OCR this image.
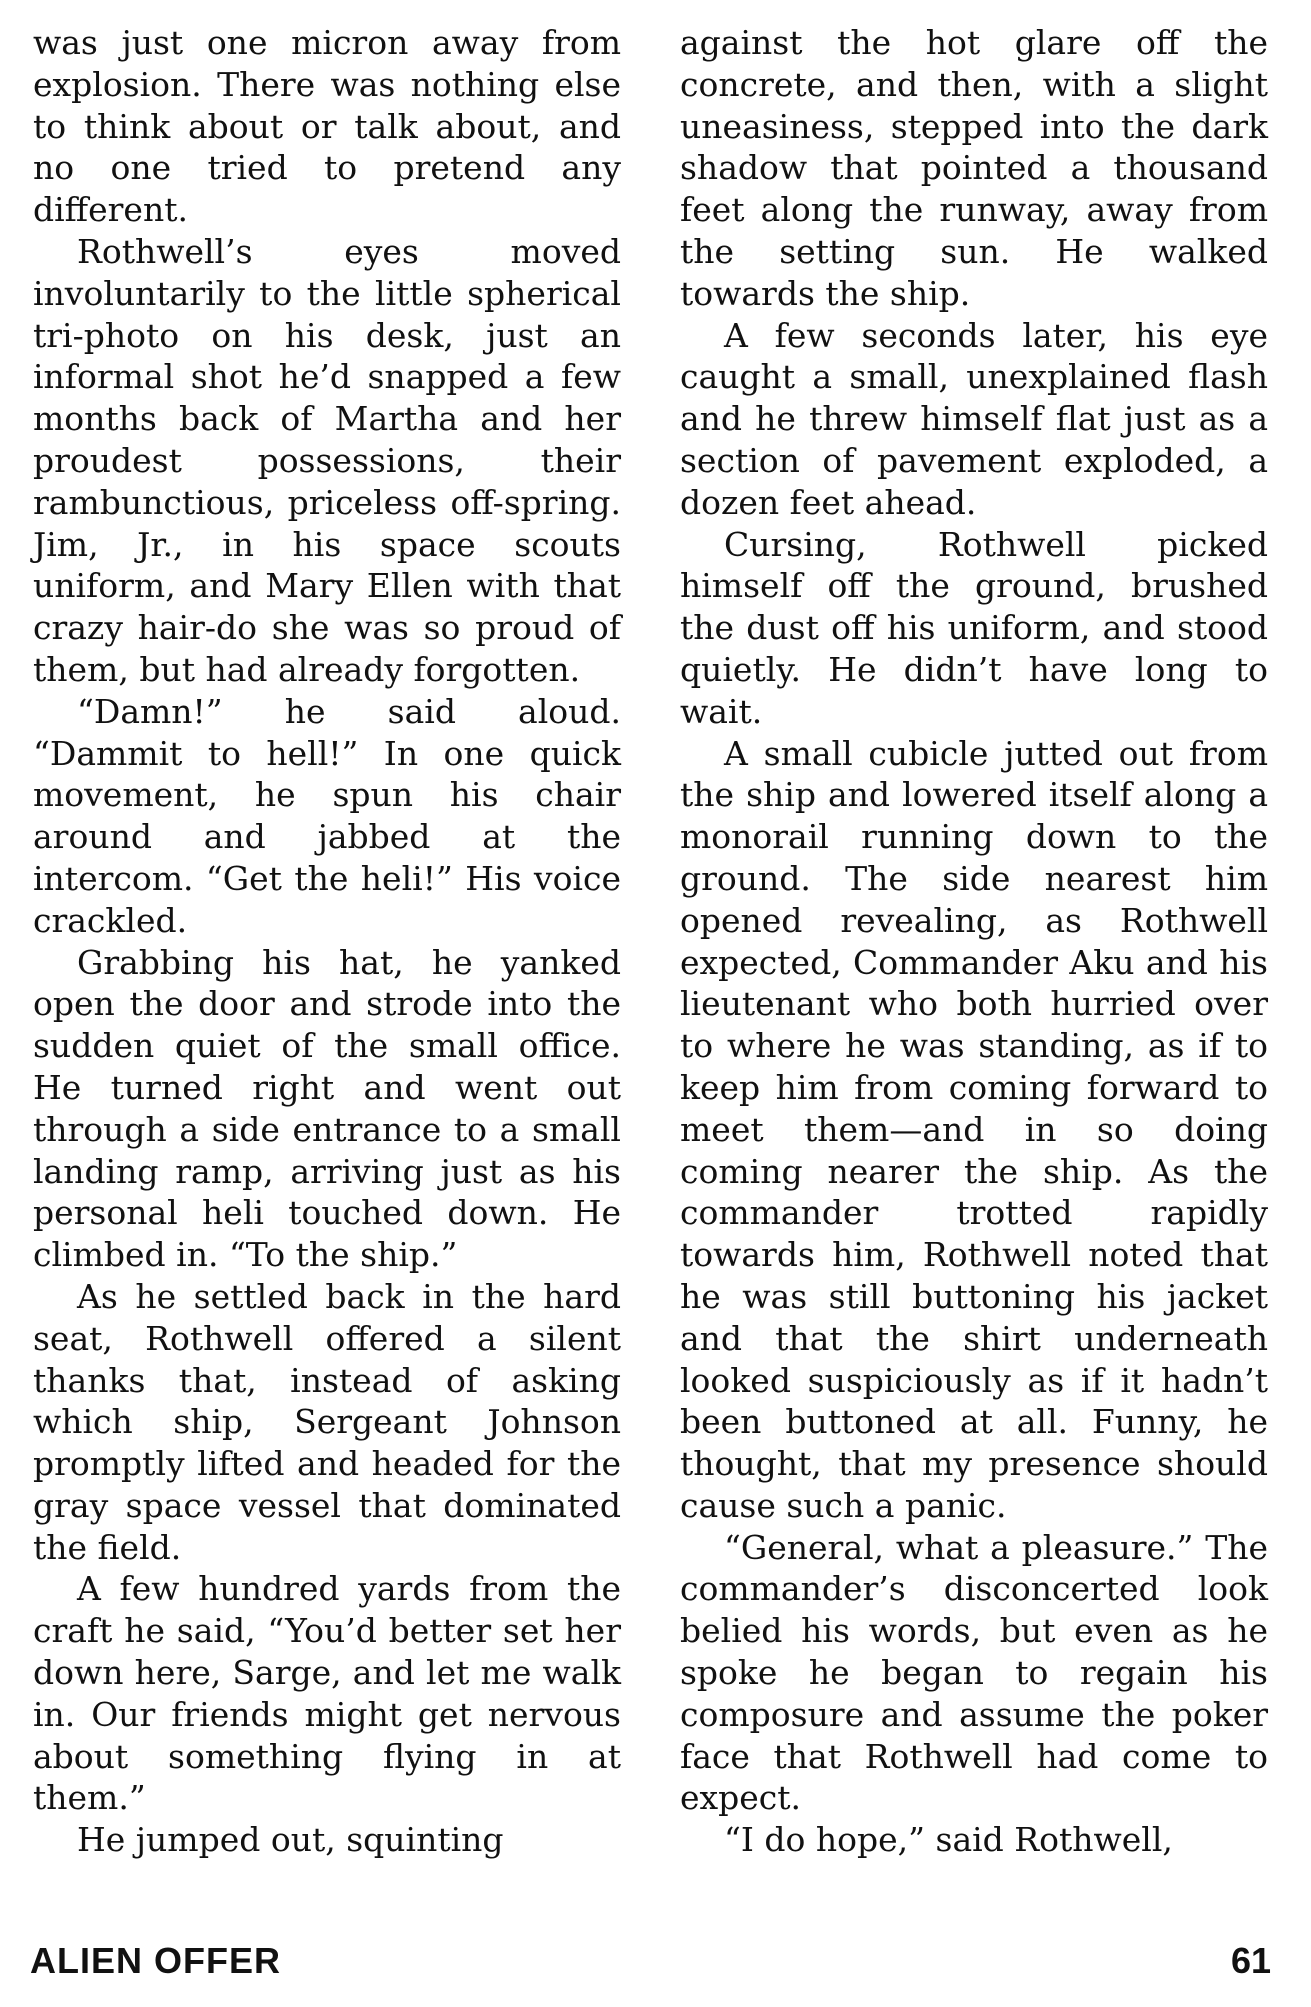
was just one micron away from explosion. There was nothing else to think about or talk about, and no one tried to pretend any different.

Rothwell’s eyes moved involuntarily to the little spherical tri-photo on his desk, just an informal shot he’d snapped a few months back of Martha and her proudest possessions, their rambunctious, priceless off-spring. Jim, Jr., in his space scouts uniform, and Mary Ellen with that crazy hair-do she was so proud of them, but had already forgotten.

“Damn!” he said aloud. “Dammit to hell!” In one quick movement, he spun his chair around and jabbed at the intercom. “Get the heli!” His voice crackled.

Grabbing his hat, he yanked open the door and strode into the sudden quiet of the small office. He turned right and went out through a side entrance to a small landing ramp, arriving just as his personal heli touched down. He climbed in. “To the ship.”

As he settled back in the hard seat, Rothwell offered a silent thanks that, instead of asking which ship, Sergeant Johnson promptly lifted and headed for the gray space vessel that dominated the field.

A few hundred yards from the craft he said, “You’d better set her down here, Sarge, and let me walk in. Our friends might get nervous about something flying in at them.”

He jumped out, squinting

against the hot glare off the concrete, and then, with a slight uneasiness, stepped into the dark shadow that pointed a thousand feet along the runway, away from the setting sun. He walked towards the ship.

A few seconds later, his eye caught a small, unexplained flash and he threw himself flat just as a section of pavement exploded, a dozen feet ahead.

Cursing, Rothwell picked himself off the ground, brushed the dust off his uniform, and stood quietly. He didn’t have long to wait.

A small cubicle jutted out from the ship and lowered itself along a monorail running down to the ground. The side nearest him opened revealing, as Rothwell expected, Commander Aku and his lieutenant who both hurried over to where he was standing, as if to keep him from coming forward to meet them—and in so doing coming nearer the ship. As the commander trotted rapidly towards him, Rothwell noted that he was still buttoning his jacket and that the shirt underneath looked suspiciously as if it hadn’t been buttoned at all. Funny, he thought, that my presence should cause such a panic.

“General, what a pleasure.” The commander’s disconcerted look belied his words, but even as he spoke he began to regain his composure and assume the poker face that Rothwell had come to expect.

“I do hope,” said Rothwell,

ALIEN OFFER	61
